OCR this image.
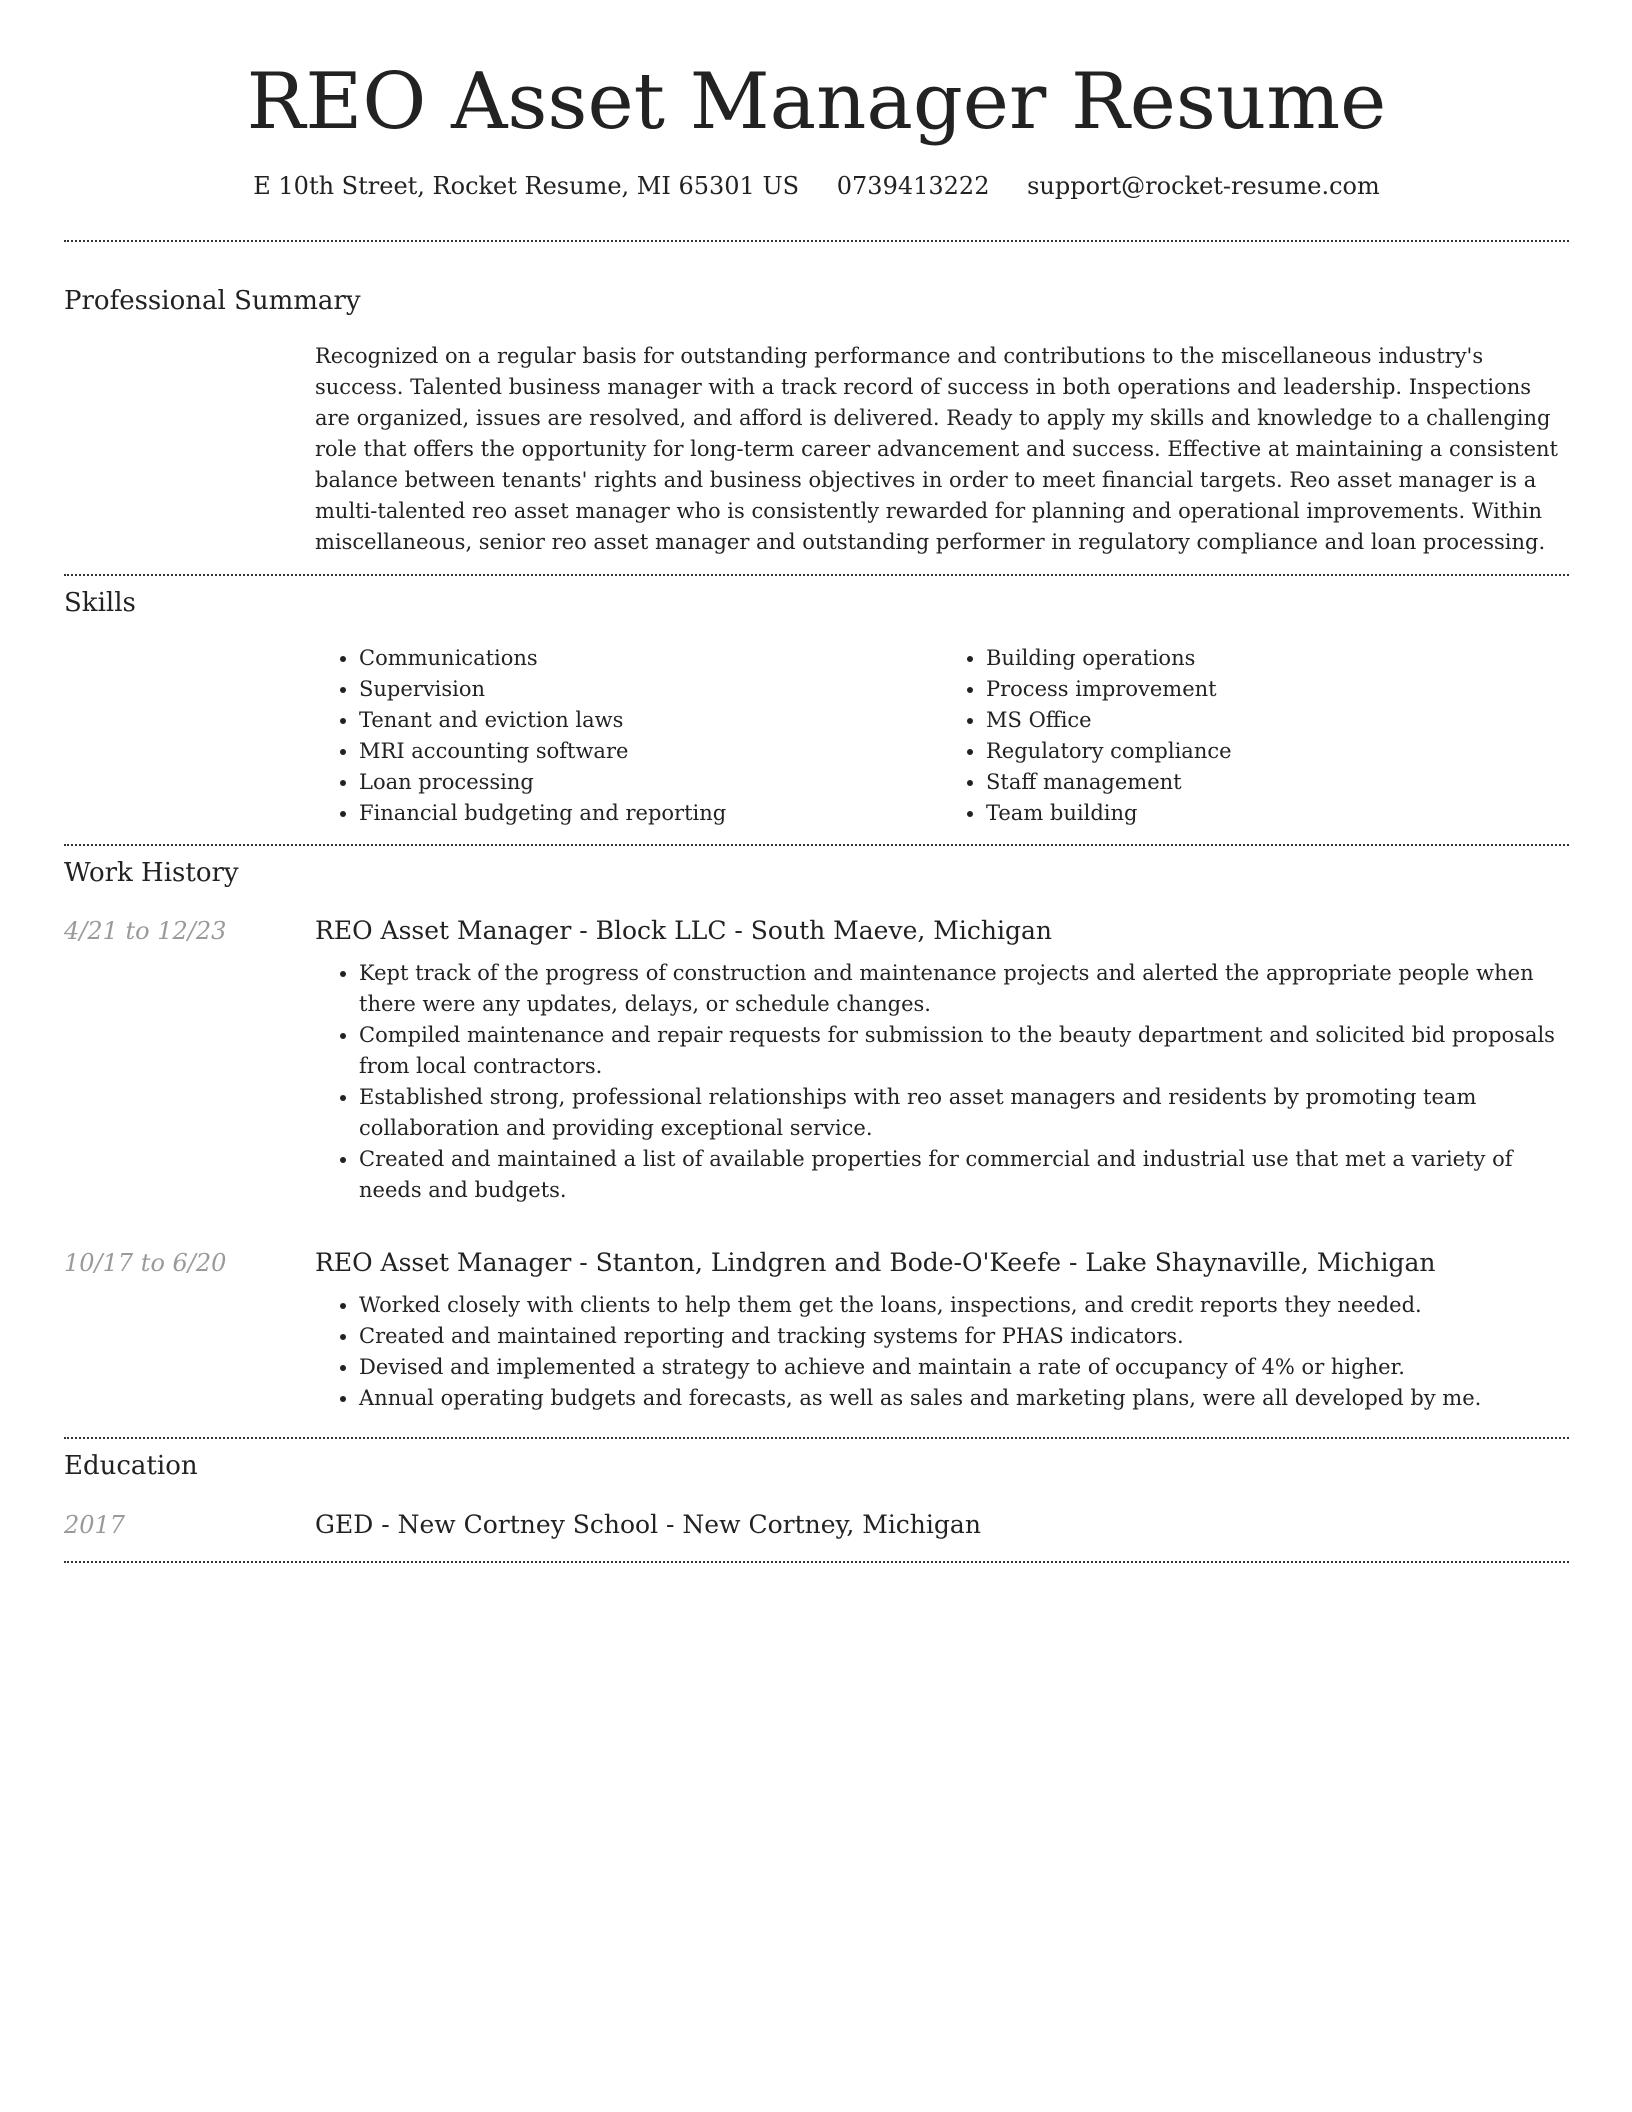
REO Asset Manager Resume
E 10th Street, Rocket Resume, MI 65301 US 0739413222 support@rocket-resume.com
Professional Summary

Recognized on a regular basis for outstanding performance and contributions to the miscellaneous industry's success. Talented business manager with a track record of success in both operations and leadership. Inspections are organized, issues are resolved, and afford is delivered. Ready to apply my skills and knowledge to a challenging role that offers the opportunity for long-term career advancement and success. Effective at maintaining a consistent balance between tenants' rights and business objectives in order to meet financial targets. Reo asset manager is a multi-talented reo asset manager who is consistently rewarded for planning and operational improvements. Within miscellaneous, senior reo asset manager and outstanding performer in regulatory compliance and loan processing.

Skills
• Communications
• Supervision
• Tenant and eviction laws
• MRI accounting software
• Loan processing
• Financial budgeting and reporting
• Building operations
• Process improvement
• MS Office
• Regulatory compliance
• Staff management
• Team building
Work History
4/21 to 12/23	REO Asset Manager - Block LLC - South Maeve, Michigan
• Kept track of the progress of construction and maintenance projects and alerted the appropriate people when there were any updates, delays, or schedule changes.
• Compiled maintenance and repair requests for submission to the beauty department and solicited bid proposals from local contractors.
• Established strong, professional relationships with reo asset managers and residents by promoting team collaboration and providing exceptional service.
• Created and maintained a list of available properties for commercial and industrial use that met a variety of needs and budgets.
10/17 to 6/20	REO Asset Manager - Stanton, Lindgren and Bode-O'Keefe - Lake Shaynaville, Michigan
• Worked closely with clients to help them get the loans, inspections, and credit reports they needed.
• Created and maintained reporting and tracking systems for PHAS indicators.
• Devised and implemented a strategy to achieve and maintain a rate of occupancy of 4% or higher.
• Annual operating budgets and forecasts, as well as sales and marketing plans, were all developed by me.
Education
2017	GED - New Cortney School - New Cortney, Michigan
